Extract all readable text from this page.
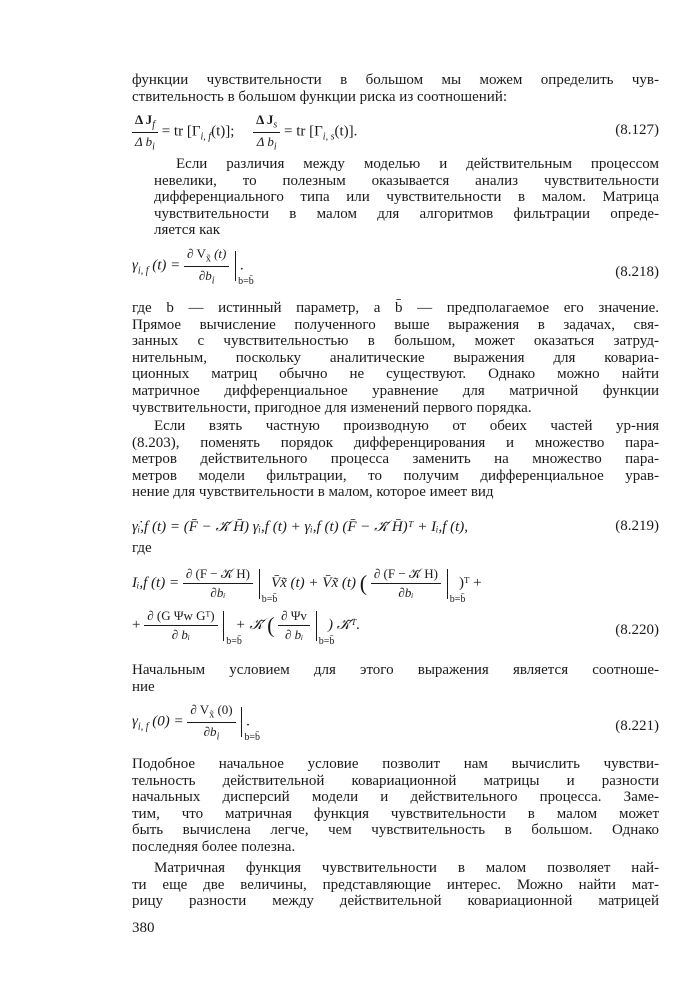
функции чувствительности в большом мы можем определить чув-
ствительность в большом функции риска из соотношений:
$\frac{\Delta J_f}{\Delta b_i}$ = tr $[\Gamma_{i, f}(t)]$; $\frac{\Delta J_s}{\Delta b_i}$ = tr $[\Gamma_{i, s}(t)]$.	(8.127)
Если различия между моделью и действительным процессом
невелики, то полезным оказывается анализ чувствительности
дифференциального типа или чувствительности в малом. Матрица
чувствительности в малом для алгоритмов фильтрации опреде-
ляется как
$\gamma_{i, f}$ $(t) = \frac{\partial V_{x̃} (t)}{\partial b_i}$
b=b̄
.	(8.218)
где b — истинный параметр, а b̄ — предполагаемое его значение.
Прямое вычисление полученного выше выражения в задачах, свя-
занных с чувствительностью в большом, может оказаться затруд-
нительным, поскольку аналитические выражения для ковариа-
ционных матриц обычно не существуют. Однако можно найти
матричное дифференциальное уравнение для матричной функции
чувствительности, пригодное для изменений первого порядка.
Если взять частную производную от обеих частей ур-ния
(8.203), поменять порядок дифференцирования и множество пара-
метров действительного процесса заменить на множество пара-
метров модели фильтрации, то получим дифференциальное урав-
нение для чувствительности в малом, которое имеет вид
γ̇ᵢ,f (t) = (F̄ − 𝒦̄ H̄) γᵢ,f (t) + γᵢ,f (t) (F̄ − 𝒦̄ H̄)ᵀ + Iᵢ,f (t),	(8.219)
где
Iᵢ,f $(t) = \frac{\text{∂ (F − 𝒦̄ H)}}{\text{∂bᵢ}}$
b=b̄
V̄x̃ (t) + V̄x̃ (t) ( $\frac{\text{∂ (F − 𝒦̄ H)}}{\text{∂bᵢ}}$
b=b̄
)ᵀ +
+ $\frac{\text{∂ (G Ψw Gᵀ)}}{\text{∂ bᵢ}}$
b=b̄
+ 𝒦̄ ( $\frac{\partial \Psi v}{\text{∂ bᵢ}}$
b=b̄
) 𝒦̄ᵀ.	(8.220)
Начальным условием для этого выражения является соотноше-
ние
$\gamma_{i, f}$ $(0) = \frac{\partial V_{x̃} (0)}{\partial b_i}$
b=b̄
.	(8.221)
Подобное начальное условие позволит нам вычислить чувстви-
тельность действительной ковариационной матрицы и разности
начальных дисперсий модели и действительного процесса. Заме-
тим, что матричная функция чувствительности в малом может
быть вычислена легче, чем чувствительность в большом. Однако
последняя более полезна.
Матричная функция чувствительности в малом позволяет най-
ти еще две величины, представляющие интерес. Можно найти мат-
рицу разности между действительной ковариационной матрицей
380
